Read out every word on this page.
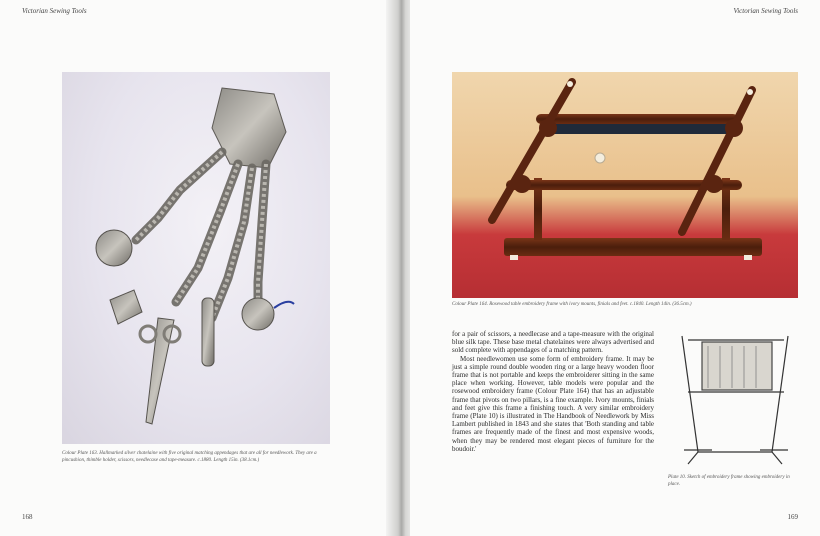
Victorian Sewing Tools
Colour Plate 163. Hallmarked silver chatelaine with five original matching appendages that are all for needlework. They are a pincushion, thimble holder, scissors, needlecase and tape-measure. c.1880. Length 15in. (38.1cm.)
168
Victorian Sewing Tools
Colour Plate 164. Rosewood table embroidery frame with ivory mounts, finials and feet. c.1840. Length 14in. (36.5cm.)

for a pair of scissors, a needlecase and a tape-measure with the original blue silk tape. These base metal chatelaines were always advertised and sold complete with appendages of a matching pattern.

Most needlewomen use some form of embroidery frame. It may be just a simple round double wooden ring or a large heavy wooden floor frame that is not portable and keeps the embroiderer sitting in the same place when working. However, table models were popular and the rosewood embroidery frame (Colour Plate 164) that has an adjustable frame that pivots on two pillars, is a fine example. Ivory mounts, finials and feet give this frame a finishing touch. A very similar embroidery frame (Plate 10) is illustrated in The Handbook of Needlework by Miss Lambert published in 1843 and she states that 'Both standing and table frames are frequently made of the finest and most expensive woods, when they may be rendered most elegant pieces of furniture for the boudoir.'

Plate 10. Sketch of embroidery frame showing embroidery in place.
169
